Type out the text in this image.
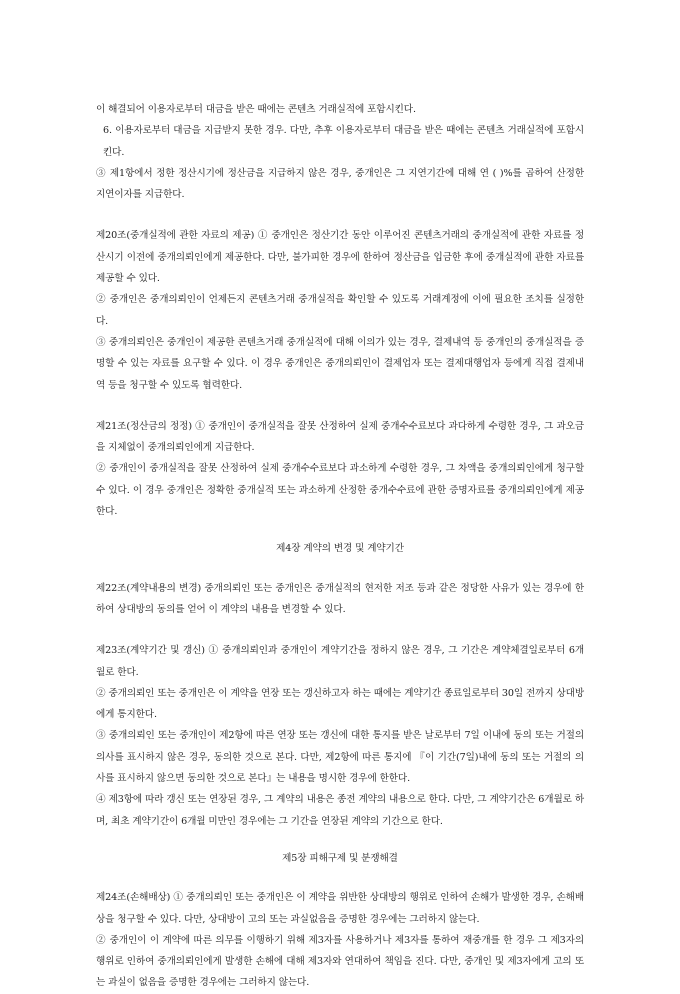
이 해결되어 이용자로부터 대금을 받은 때에는 콘텐츠 거래실적에 포함시킨다.

6. 이용자로부터 대금을 지급받지 못한 경우. 다만, 추후 이용자로부터 대금을 받은 때에는 콘텐츠 거래실적에 포함시킨다.

③ 제1항에서 정한 정산시기에 정산금을 지급하지 않은 경우, 중개인은 그 지연기간에 대해 연 ( )%를 곱하여 산정한 지연이자를 지급한다.

제20조(중개실적에 관한 자료의 제공) ① 중개인은 정산기간 동안 이루어진 콘텐츠거래의 중개실적에 관한 자료를 정산시기 이전에 중개의뢰인에게 제공한다. 다만, 불가피한 경우에 한하여 정산금을 입금한 후에 중개실적에 관한 자료를 제공할 수 있다.

② 중개인은 중개의뢰인이 언제든지 콘텐츠거래 중개실적을 확인할 수 있도록 거래계정에 이에 필요한 조치를 실정한다.

③ 중개의뢰인은 중개인이 제공한 콘텐츠거래 중개실적에 대해 이의가 있는 경우, 결제내역 등 중개인의 중개실적을 증명할 수 있는 자료를 요구할 수 있다. 이 경우 중개인은 중개의뢰인이 결제업자 또는 결제대행업자 등에게 직접 결제내역 등을 청구할 수 있도록 협력한다.

제21조(정산금의 정정) ① 중개인이 중개실적을 잘못 산정하여 실제 중개수수료보다 과다하게 수령한 경우, 그 과오금을 지체없이 중개의뢰인에게 지급한다.

② 중개인이 중개실적을 잘못 산정하여 실제 중개수수료보다 과소하게 수령한 경우, 그 차액을 중개의뢰인에게 청구할 수 있다. 이 경우 중개인은 정확한 중개실적 또는 과소하게 산정한 중개수수료에 관한 증명자료를 중개의뢰인에게 제공한다.

제4장 계약의 변경 및 계약기간

제22조(계약내용의 변경) 중개의뢰인 또는 중개인은 중개실적의 현저한 저조 등과 같은 정당한 사유가 있는 경우에 한하여 상대방의 동의를 얻어 이 계약의 내용을 변경할 수 있다.

제23조(계약기간 및 갱신) ① 중개의뢰인과 중개인이 계약기간을 정하지 않은 경우, 그 기간은 계약체결일로부터 6개월로 한다.

② 중개의뢰인 또는 중개인은 이 계약을 연장 또는 갱신하고자 하는 때에는 계약기간 종료일로부터 30일 전까지 상대방에게 통지한다.

③ 중개의뢰인 또는 중개인이 제2항에 따른 연장 또는 갱신에 대한 통지를 받은 날로부터 7일 이내에 동의 또는 거절의 의사를 표시하지 않은 경우, 동의한 것으로 본다. 다만, 제2항에 따른 통지에 『이 기간(7일)내에 동의 또는 거절의 의사를 표시하지 않으면 동의한 것으로 본다』는 내용을 명시한 경우에 한한다.

④ 제3항에 따라 갱신 또는 연장된 경우, 그 계약의 내용은 종전 계약의 내용으로 한다. 다만, 그 계약기간은 6개월로 하며, 최초 계약기간이 6개월 미만인 경우에는 그 기간을 연장된 계약의 기간으로 한다.

제5장 피해구제 및 분쟁해결

제24조(손해배상) ① 중개의뢰인 또는 중개인은 이 계약을 위반한 상대방의 행위로 인하여 손해가 발생한 경우, 손해배상을 청구할 수 있다. 다만, 상대방이 고의 또는 과실없음을 증명한 경우에는 그러하지 않는다.

② 중개인이 이 계약에 따른 의무를 이행하기 위해 제3자를 사용하거나 제3자를 통하여 재중개를 한 경우 그 제3자의 행위로 인하여 중개의뢰인에게 발생한 손해에 대해 제3자와 연대하여 책임을 진다. 다만, 중개인 및 제3자에게 고의 또는 과실이 없음을 증명한 경우에는 그러하지 않는다.
